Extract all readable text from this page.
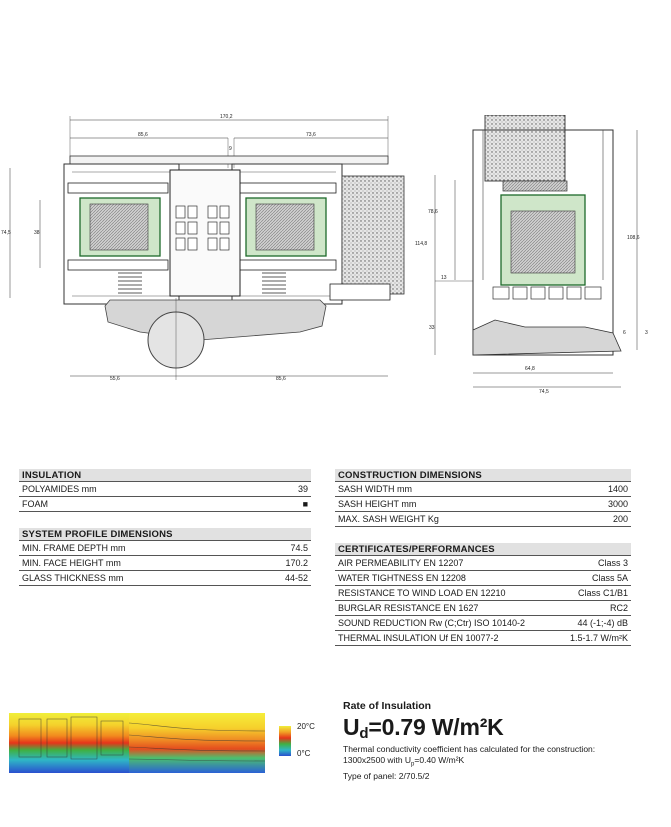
170,2
85,6	73,6
9
74,5	38
55,6	85,6
78,6
114,8
108,6
13
33
64,8
74,5
6	3
INSULATION
POLYAMIDES mm	39
FOAM	■
SYSTEM PROFILE DIMENSIONS
MIN. FRAME DEPTH mm	74.5
MIN. FACE HEIGHT mm	170.2
GLASS THICKNESS mm	44-52
CONSTRUCTION DIMENSIONS
SASH WIDTH mm	1400
SASH HEIGHT mm	3000
MAX. SASH WEIGHT Kg	200
CERTIFICATES/PERFORMANCES
AIR PERMEABILITY EN 12207	Class 3
WATER TIGHTNESS EN 12208	Class 5A
RESISTANCE TO WIND LOAD EN 12210	Class C1/B1
BURGLAR RESISTANCE EN 1627	RC2
SOUND REDUCTION Rw (C;Ctr) ISO 10140-2	44 (-1;-4) dB
THERMAL INSULATION Uf EN 10077-2	1.5-1.7 W/m²K
20°C
0°C
Rate of Insulation
$U_d=0.79$ W/m²K
Thermal conductivity coefficient has calculated for the construction:
1300x2500 with $U_p=0.40$ W/m²K
Type of panel: 2/70.5/2
